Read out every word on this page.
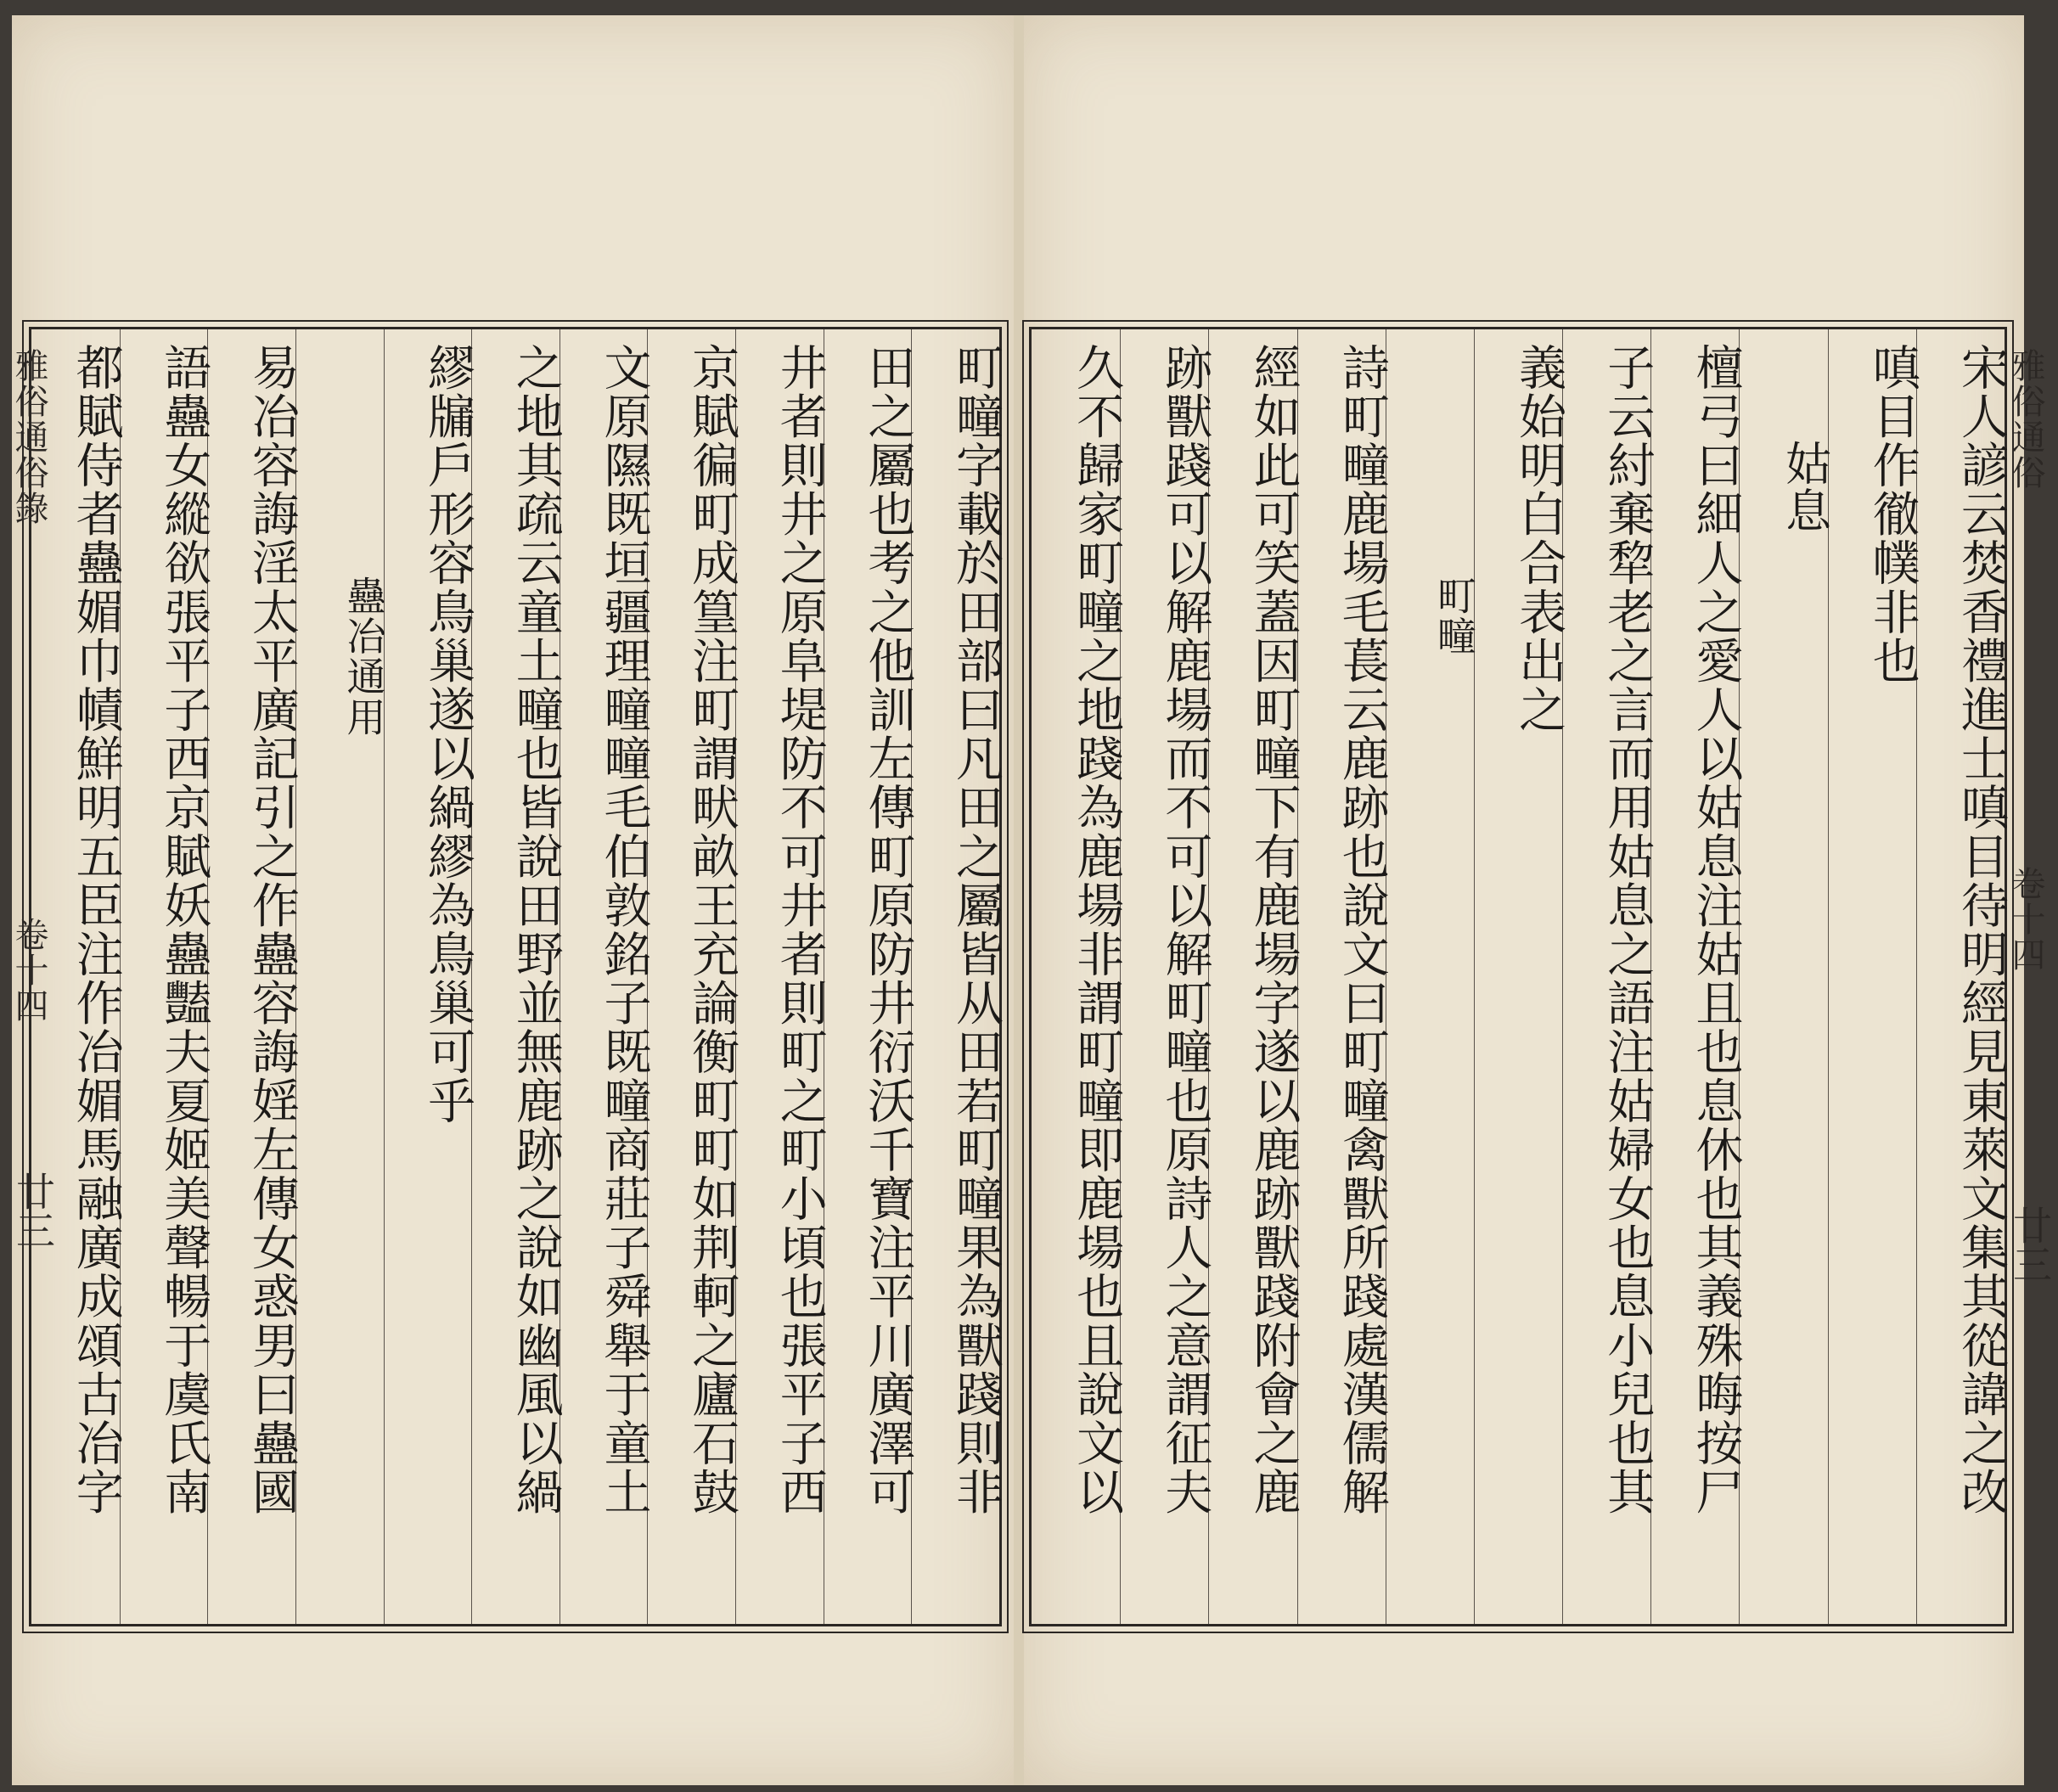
雅俗通俗錄
卷十四
廿三
雅俗通俗
卷十四
廿三
町疃字載於田部曰凡田之屬皆从田若町疃果為獸踐則非
田之屬也考之他訓左傳町原防井衍沃千寶注平川廣澤可
井者則井之原阜堤防不可井者則町之町小頃也張平子西
京賦徧町成篁注町謂畎畝王充論衡町町如荆軻之廬石鼓
文原隰既垣疆理疃疃毛伯敦銘子既疃商莊子舜舉于童土
之地其疏云童土疃也皆說田野並無鹿跡之說如幽風以緺
繆牖戶形容鳥巢遂以緺繆為鳥巢可乎
蠱冶通用
易冶容誨淫太平廣記引之作蠱容誨婬左傳女惑男曰蠱國
語蠱女縱欲張平子西京賦妖蠱豔夫夏姬美聲暢于虞氏南
都賦侍者蠱媚巾幘鮮明五臣注作冶媚馬融廣成頌古冶字	宋人諺云焚香禮進士嗔目待明經見東萊文集其從諱之改
嗔目作徹幞非也
姑息
檀弓曰細人之愛人以姑息注姑且也息休也其義殊晦按尸
子云紂棄犂老之言而用姑息之語注姑婦女也息小兒也其
義始明白合表出之
町疃
詩町疃鹿場毛萇云鹿跡也說文曰町疃禽獸所踐處漢儒解
經如此可笑蓋因町疃下有鹿場字遂以鹿跡獸踐附會之鹿
跡獸踐可以解鹿場而不可以解町疃也原詩人之意謂征夫
久不歸家町疃之地踐為鹿場非謂町疃即鹿場也且說文以
